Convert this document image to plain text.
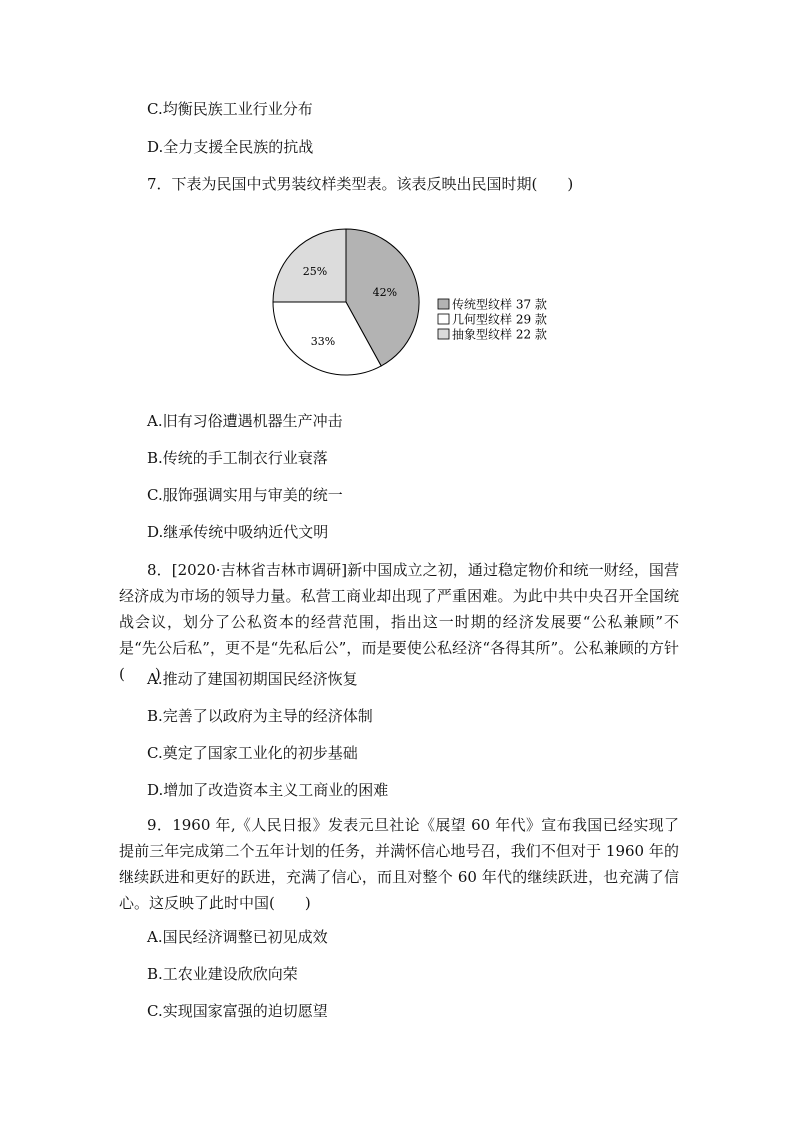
C.均衡民族工业行业分布
D.全力支援全民族的抗战
7．下表为民国中式男装纹样类型表。该表反映出民国时期(　　)
42%
33%
25%
传统型纹样 37 款
几何型纹样 29 款
抽象型纹样 22 款
A.旧有习俗遭遇机器生产冲击
B.传统的手工制衣行业衰落
C.服饰强调实用与审美的统一
D.继承传统中吸纳近代文明
8．[2020·吉林省吉林市调研]新中国成立之初，通过稳定物价和统一财经，国营经济成为市场的领导力量。私营工商业却出现了严重困难。为此中共中央召开全国统战会议，划分了公私资本的经营范围，指出这一时期的经济发展要“公私兼顾”不是“先公后私”，更不是“先私后公”，而是要使公私经济“各得其所”。公私兼顾的方针(　　)
A.推动了建国初期国民经济恢复
B.完善了以政府为主导的经济体制
C.奠定了国家工业化的初步基础
D.增加了改造资本主义工商业的困难
9．1960 年,《人民日报》发表元旦社论《展望 60 年代》宣布我国已经实现了提前三年完成第二个五年计划的任务，并满怀信心地号召，我们不但对于 1960 年的继续跃进和更好的跃进，充满了信心，而且对整个 60 年代的继续跃进，也充满了信心。这反映了此时中国(　　)
A.国民经济调整已初见成效
B.工农业建设欣欣向荣
C.实现国家富强的迫切愿望
